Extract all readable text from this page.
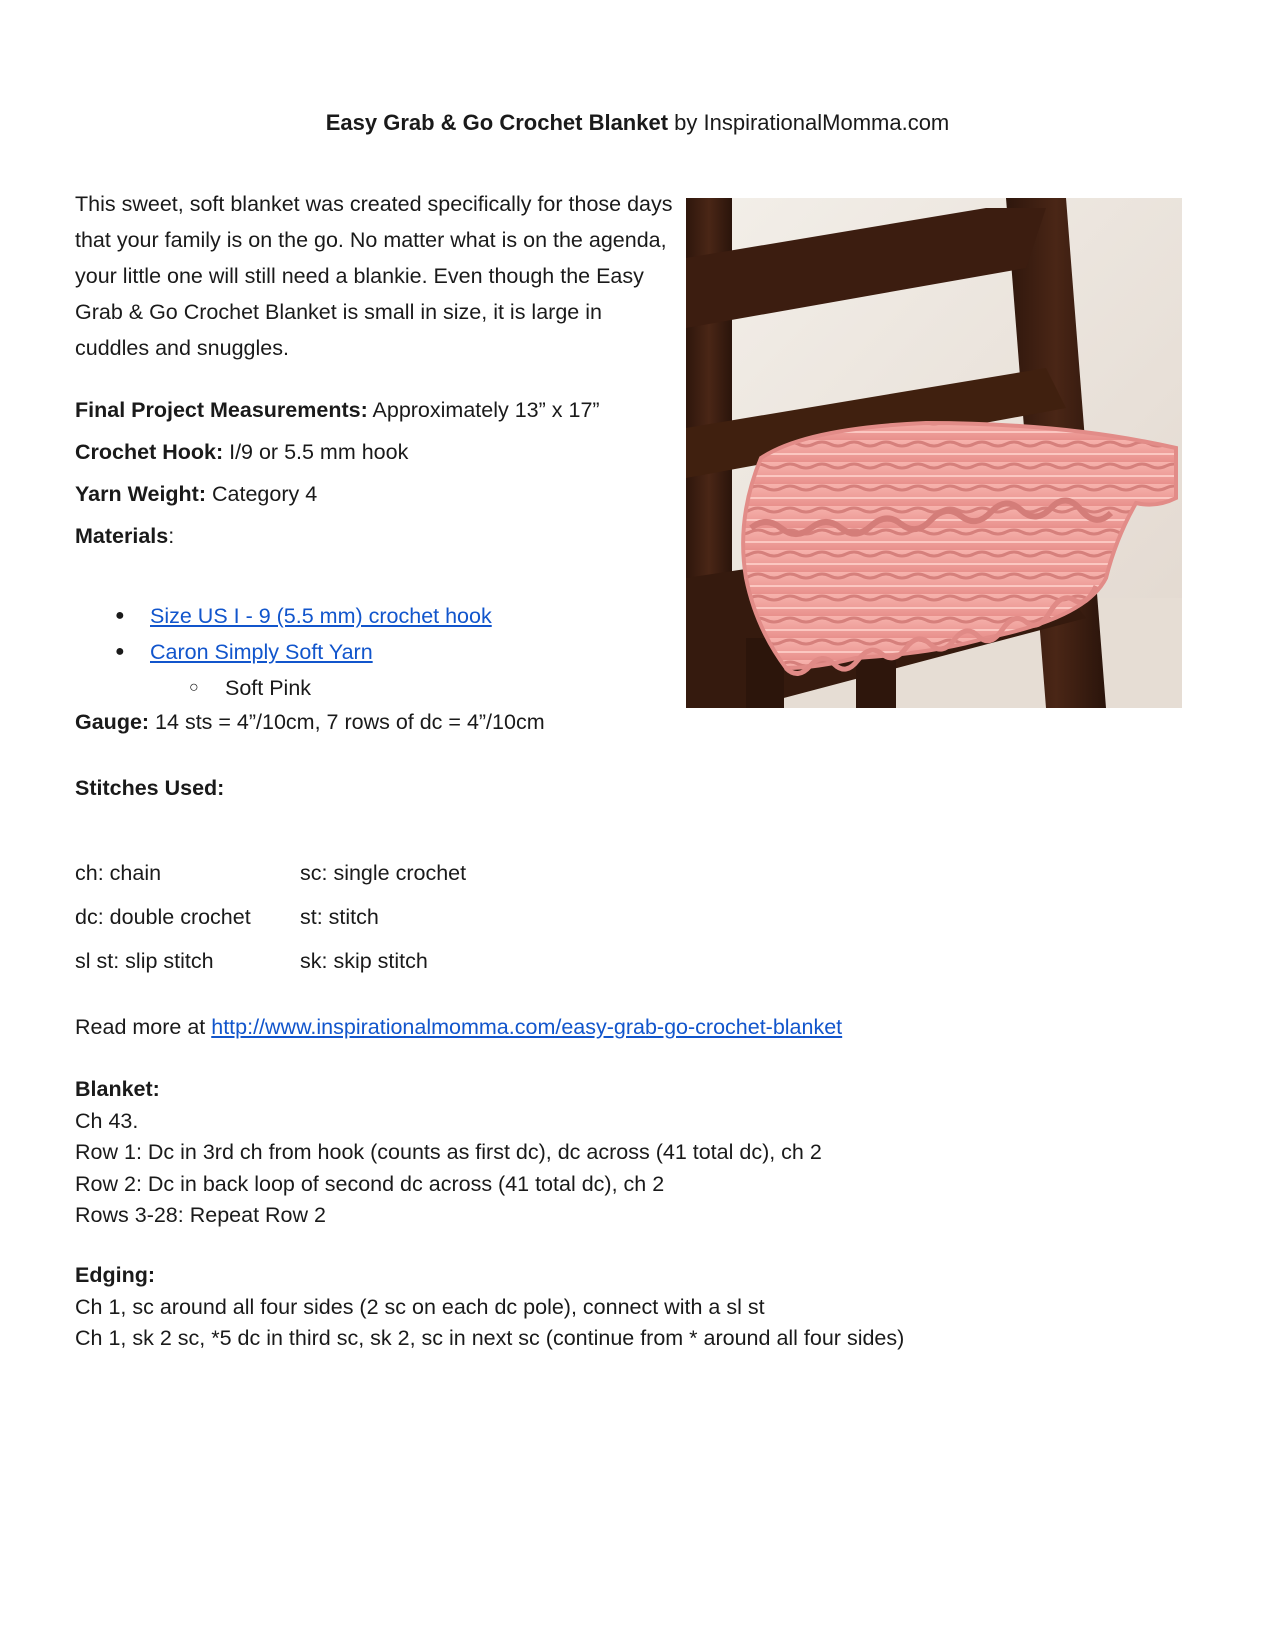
Easy Grab & Go Crochet Blanket by InspirationalMomma.com
This sweet, soft blanket was created specifically for those days that your family is on the go. No matter what is on the agenda, your little one will still need a blankie. Even though the Easy Grab & Go Crochet Blanket is small in size, it is large in cuddles and snuggles.
Final Project Measurements: Approximately 13” x 17”
Crochet Hook: I/9 or 5.5 mm hook
Yarn Weight: Category 4
Materials:
● Size US I - 9 (5.5 mm) crochet hook
● Caron Simply Soft Yarn
○ Soft Pink
Gauge: 14 sts = 4”/10cm, 7 rows of dc = 4”/10cm
Stitches Used:
ch: chain	sc: single crochet
dc: double crochet st: stitch
sl st: slip stitch	sk: skip stitch
Read more at http://www.inspirationalmomma.com/easy-grab-go-crochet-blanket
Blanket:
Ch 43.
Row 1: Dc in 3rd ch from hook (counts as first dc), dc across (41 total dc), ch 2
Row 2: Dc in back loop of second dc across (41 total dc), ch 2
Rows 3-28: Repeat Row 2
Edging:
Ch 1, sc around all four sides (2 sc on each dc pole), connect with a sl st
Ch 1, sk 2 sc, *5 dc in third sc, sk 2, sc in next sc (continue from * around all four sides)
